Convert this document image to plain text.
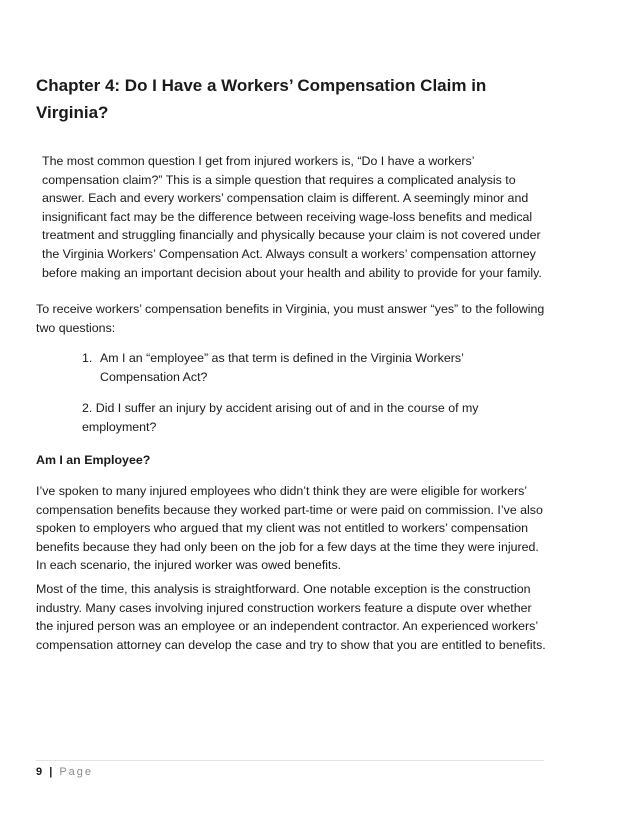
Chapter 4: Do I Have a Workers’ Compensation Claim in Virginia?

The most common question I get from injured workers is, “Do I have a workers’ compensation claim?” This is a simple question that requires a complicated analysis to answer. Each and every workers’ compensation claim is different. A seemingly minor and insignificant fact may be the difference between receiving wage-loss benefits and medical treatment and struggling financially and physically because your claim is not covered under the Virginia Workers’ Compensation Act. Always consult a workers’ compensation attorney before making an important decision about your health and ability to provide for your family.

To receive workers’ compensation benefits in Virginia, you must answer “yes” to the following two questions:

1. Am I an “employee” as that term is defined in the Virginia Workers’ Compensation Act?
2. Did I suffer an injury by accident arising out of and in the course of my employment?

Am I an Employee?

I’ve spoken to many injured employees who didn’t think they are were eligible for workers’ compensation benefits because they worked part-time or were paid on commission. I’ve also spoken to employers who argued that my client was not entitled to workers’ compensation benefits because they had only been on the job for a few days at the time they were injured. In each scenario, the injured worker was owed benefits.

Most of the time, this analysis is straightforward. One notable exception is the construction industry. Many cases involving injured construction workers feature a dispute over whether the injured person was an employee or an independent contractor. An experienced workers’ compensation attorney can develop the case and try to show that you are entitled to benefits.

9 | Page
